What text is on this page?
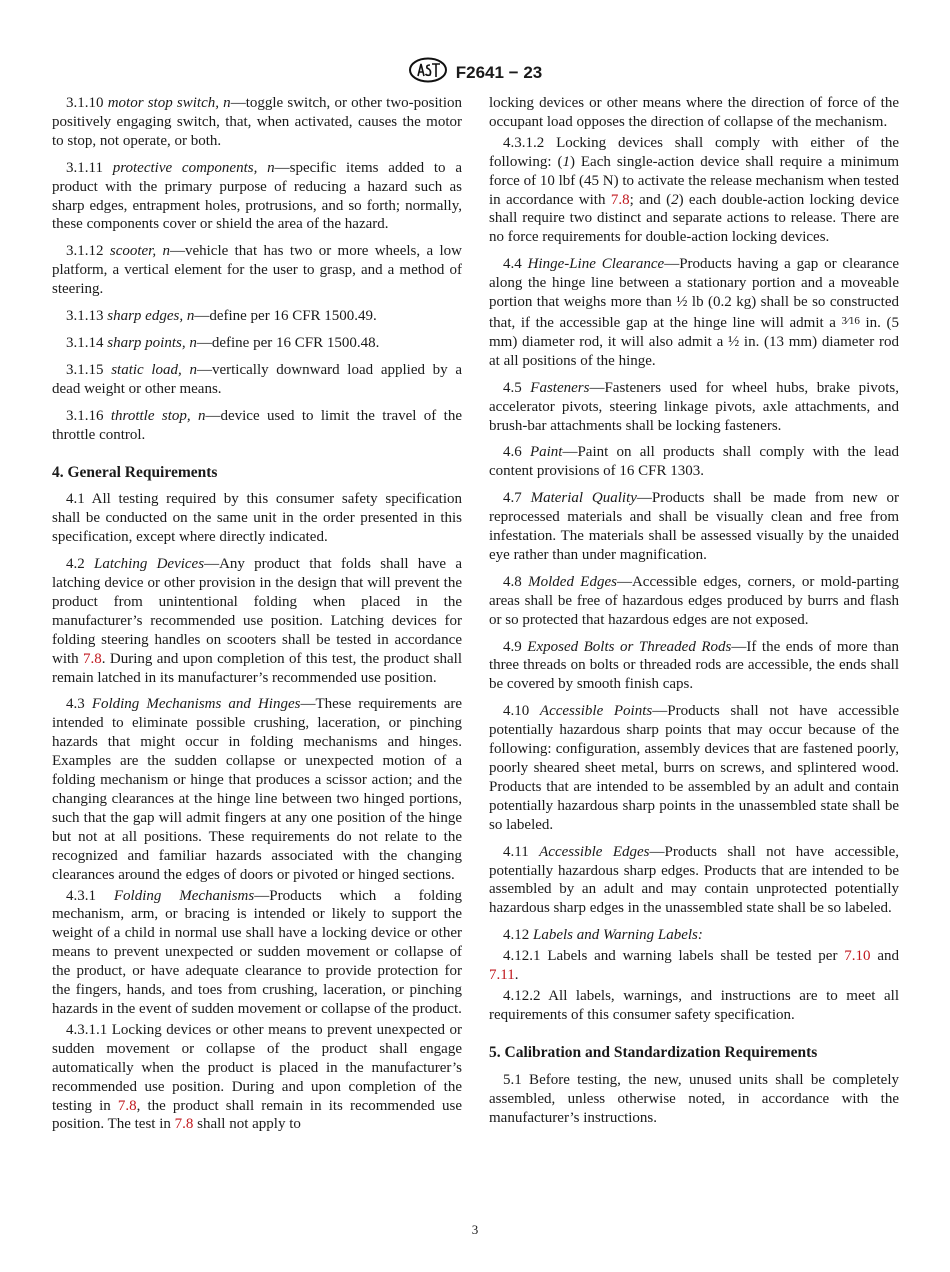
F2641 − 23

3.1.10 motor stop switch, n—toggle switch, or other two-position positively engaging switch, that, when activated, causes the motor to stop, not operate, or both.

3.1.11 protective components, n—specific items added to a product with the primary purpose of reducing a hazard such as sharp edges, entrapment holes, protrusions, and so forth; normally, these components cover or shield the area of the hazard.

3.1.12 scooter, n—vehicle that has two or more wheels, a low platform, a vertical element for the user to grasp, and a method of steering.

3.1.13 sharp edges, n—define per 16 CFR 1500.49.

3.1.14 sharp points, n—define per 16 CFR 1500.48.

3.1.15 static load, n—vertically downward load applied by a dead weight or other means.

3.1.16 throttle stop, n—device used to limit the travel of the throttle control.

4. General Requirements

4.1 All testing required by this consumer safety specification shall be conducted on the same unit in the order presented in this specification, except where directly indicated.

4.2 Latching Devices—Any product that folds shall have a latching device or other provision in the design that will prevent the product from unintentional folding when placed in the manufacturer’s recommended use position. Latching devices for folding steering handles on scooters shall be tested in accordance with 7.8. During and upon completion of this test, the product shall remain latched in its manufacturer’s recommended use position.

4.3 Folding Mechanisms and Hinges—These requirements are intended to eliminate possible crushing, laceration, or pinching hazards that might occur in folding mechanisms and hinges. Examples are the sudden collapse or unexpected motion of a folding mechanism or hinge that produces a scissor action; and the changing clearances at the hinge line between two hinged portions, such that the gap will admit fingers at any one position of the hinge but not at all positions. These requirements do not relate to the recognized and familiar hazards associated with the changing clearances around the edges of doors or pivoted or hinged sections.

4.3.1 Folding Mechanisms—Products which a folding mechanism, arm, or bracing is intended or likely to support the weight of a child in normal use shall have a locking device or other means to prevent unexpected or sudden movement or collapse of the product, or have adequate clearance to provide protection for the fingers, hands, and toes from crushing, laceration, or pinching hazards in the event of sudden movement or collapse of the product.

4.3.1.1 Locking devices or other means to prevent unexpected or sudden movement or collapse of the product shall engage automatically when the product is placed in the manufacturer’s recommended use position. During and upon completion of the testing in 7.8, the product shall remain in its recommended use position. The test in 7.8 shall not apply to

locking devices or other means where the direction of force of the occupant load opposes the direction of collapse of the mechanism.

4.3.1.2 Locking devices shall comply with either of the following: (1) Each single-action device shall require a minimum force of 10 lbf (45 N) to activate the release mechanism when tested in accordance with 7.8; and (2) each double-action locking device shall require two distinct and separate actions to release. There are no force requirements for double-action locking devices.

4.4 Hinge-Line Clearance—Products having a gap or clearance along the hinge line between a stationary portion and a moveable portion that weighs more than ½ lb (0.2 kg) shall be so constructed that, if the accessible gap at the hinge line will admit a $^{3⁄16}$ in. (5 mm) diameter rod, it will also admit a ½ in. (13 mm) diameter rod at all positions of the hinge.

4.5 Fasteners—Fasteners used for wheel hubs, brake pivots, accelerator pivots, steering linkage pivots, axle attachments, and brush-bar attachments shall be locking fasteners.

4.6 Paint—Paint on all products shall comply with the lead content provisions of 16 CFR 1303.

4.7 Material Quality—Products shall be made from new or reprocessed materials and shall be visually clean and free from infestation. The materials shall be assessed visually by the unaided eye rather than under magnification.

4.8 Molded Edges—Accessible edges, corners, or mold-parting areas shall be free of hazardous edges produced by burrs and flash or so protected that hazardous edges are not exposed.

4.9 Exposed Bolts or Threaded Rods—If the ends of more than three threads on bolts or threaded rods are accessible, the ends shall be covered by smooth finish caps.

4.10 Accessible Points—Products shall not have accessible potentially hazardous sharp points that may occur because of the following: configuration, assembly devices that are fastened poorly, poorly sheared sheet metal, burrs on screws, and splintered wood. Products that are intended to be assembled by an adult and contain potentially hazardous sharp points in the unassembled state shall be so labeled.

4.11 Accessible Edges—Products shall not have accessible, potentially hazardous sharp edges. Products that are intended to be assembled by an adult and may contain unprotected potentially hazardous sharp edges in the unassembled state shall be so labeled.

4.12 Labels and Warning Labels:

4.12.1 Labels and warning labels shall be tested per 7.10 and 7.11.

4.12.2 All labels, warnings, and instructions are to meet all requirements of this consumer safety specification.

5. Calibration and Standardization Requirements

5.1 Before testing, the new, unused units shall be completely assembled, unless otherwise noted, in accordance with the manufacturer’s instructions.

3
